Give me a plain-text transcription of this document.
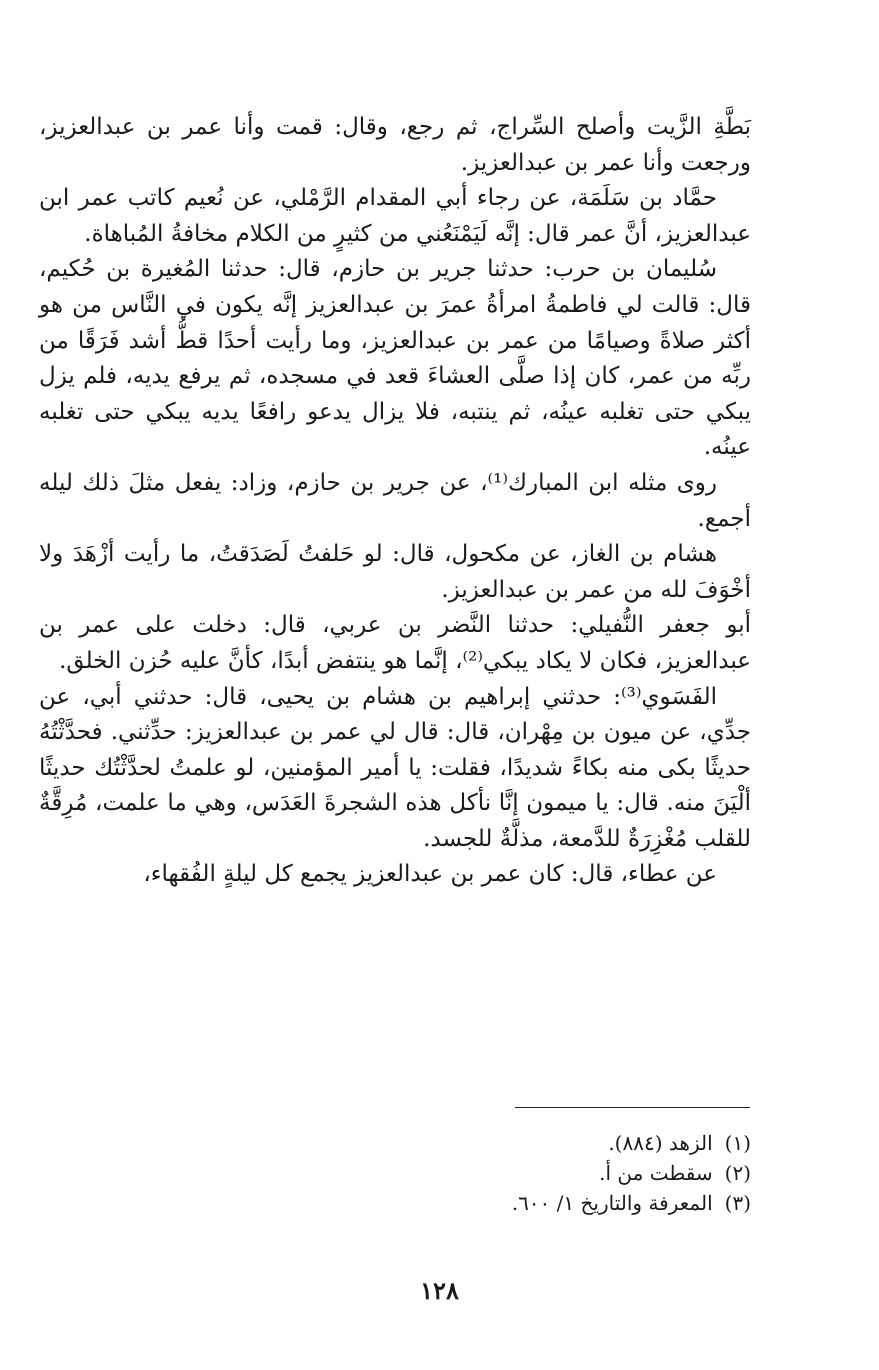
بَطَّةِ الزَّيت وأصلح السِّراج، ثم رجع، وقال: قمت وأنا عمر بن عبدالعزيز، ورجعت وأنا عمر بن عبدالعزيز.

حمَّاد بن سَلَمَة، عن رجاء أبي المقدام الرَّمْلي، عن نُعيم كاتب عمر ابن عبدالعزيز، أنَّ عمر قال: إنَّه لَيَمْنَعُني من كثيرٍ من الكلام مخافةُ المُباهاة.

سُليمان بن حرب: حدثنا جرير بن حازم، قال: حدثنا المُغيرة بن حُكيم، قال: قالت لي فاطمةُ امرأةُ عمرَ بن عبدالعزيز إنَّه يكون في النَّاس من هو أكثر صلاةً وصيامًا من عمر بن عبدالعزيز، وما رأيت أحدًا قطُّ أشد فَرَقًا من ربِّه من عمر، كان إذا صلَّى العشاءَ قعد في مسجده، ثم يرفع يديه، فلم يزل يبكي حتى تغلبه عينُه، ثم ينتبه، فلا يزال يدعو رافعًا يديه يبكي حتى تغلبه عينُه.

روى مثله ابن المبارك⁽¹⁾، عن جرير بن حازم، وزاد: يفعل مثلَ ذلك ليله أجمع.

هشام بن الغاز، عن مكحول، قال: لو حَلفتُ لَصَدَقتُ، ما رأيت أزْهَدَ ولا أخْوَفَ لله من عمر بن عبدالعزيز.

أبو جعفر النُّفيلي: حدثنا النَّضر بن عربي، قال: دخلت على عمر بن عبدالعزيز، فكان لا يكاد يبكي⁽²⁾، إنَّما هو ينتفض أبدًا، كأنَّ عليه حُزن الخلق.

الفَسَوي⁽³⁾: حدثني إبراهيم بن هشام بن يحيى، قال: حدثني أبي، عن جدِّي، عن ميون بن مِهْران، قال: قال لي عمر بن عبدالعزيز: حدِّثني. فحدَّثْتُهُ حديثًا بكى منه بكاءً شديدًا، فقلت: يا أمير المؤمنين، لو علمتُ لحدَّثْتُك حديثًا ألْيَنَ منه. قال: يا ميمون إنَّا نأكل هذه الشجرةَ العَدَس، وهي ما علمت، مُرِقَّةٌ للقلب مُغْزِرَةٌ للدَّمعة، مذلَّةٌ للجسد.

عن عطاء، قال: كان عمر بن عبدالعزيز يجمع كل ليلةٍ الفُقهاء،

(١)الزهد (٨٨٤).
(٢)سقطت من أ.
(٣)المعرفة والتاريخ ١/ ٦٠٠.
١٢٨
